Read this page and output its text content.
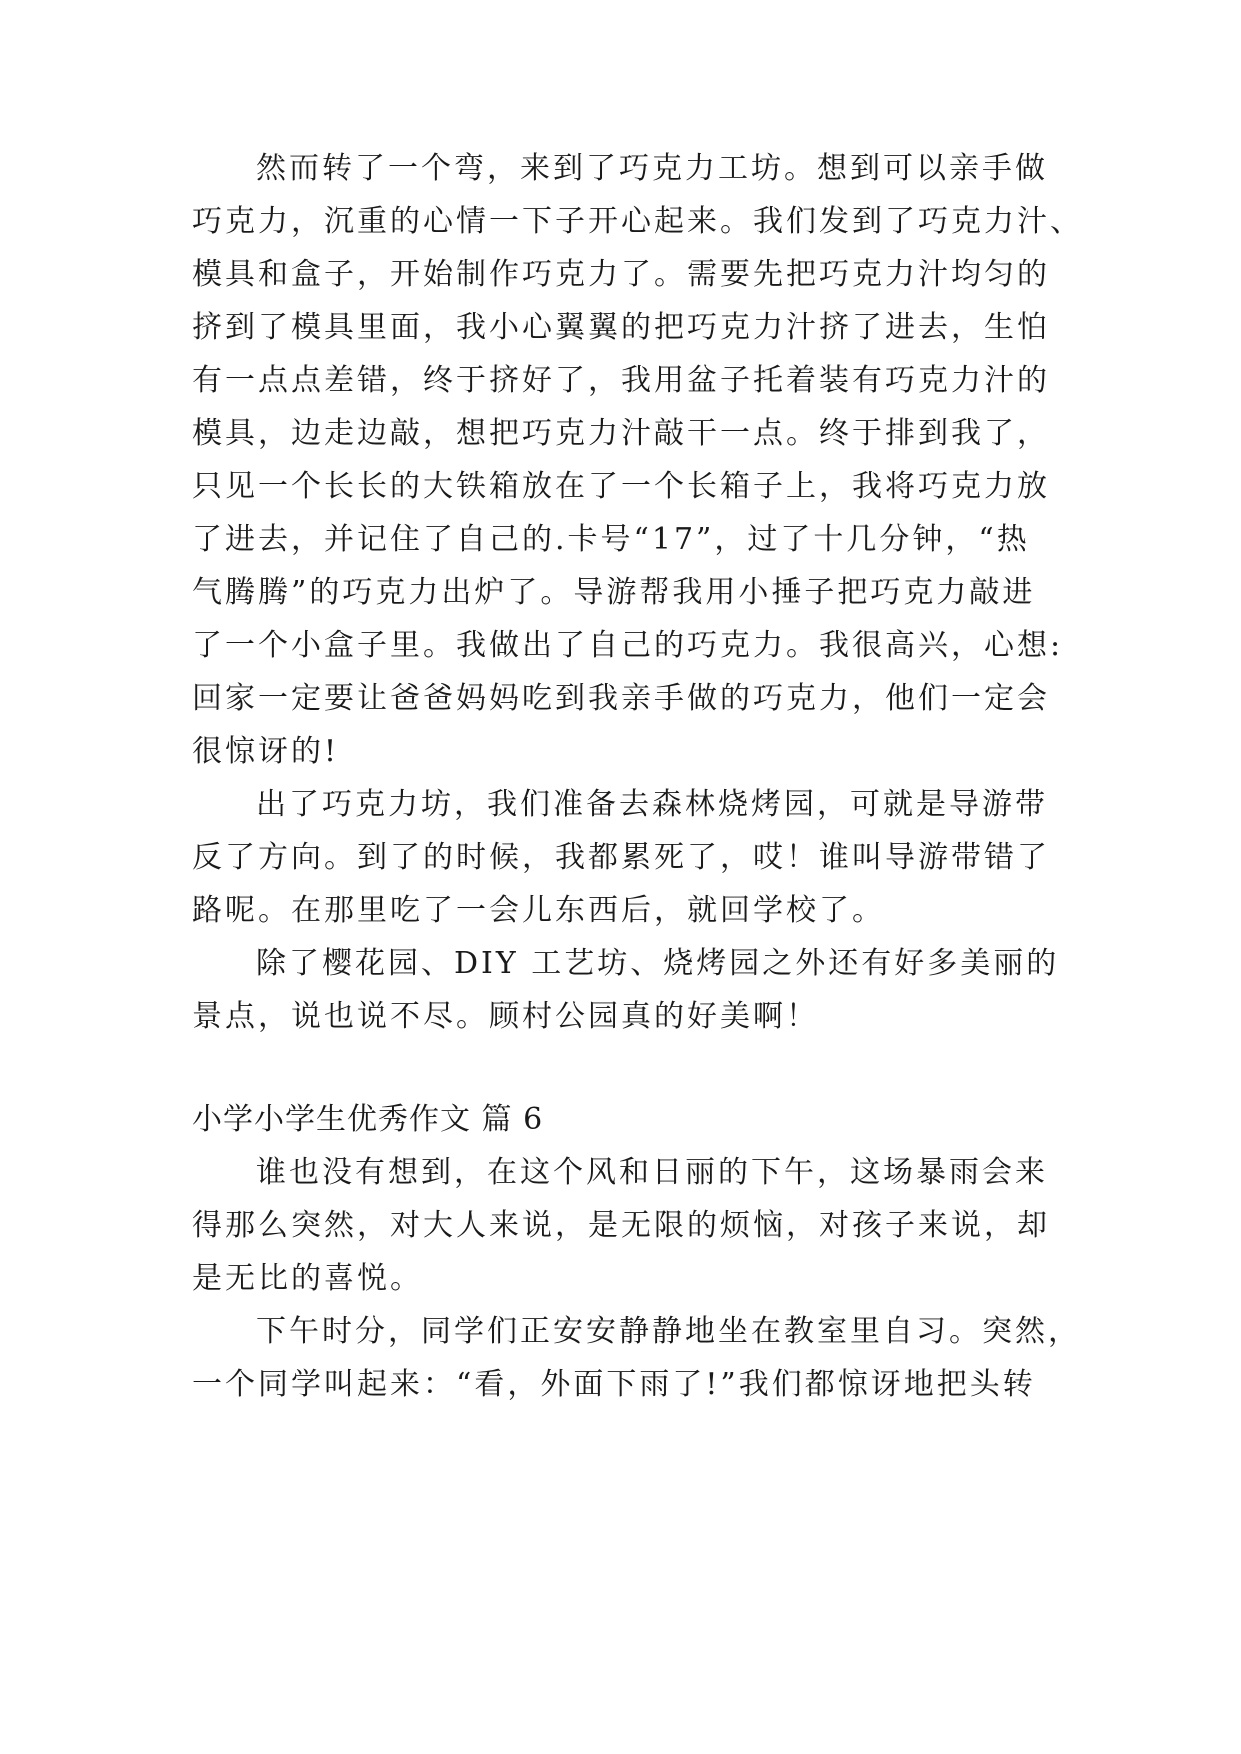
然而转了一个弯，来到了巧克力工坊。想到可以亲手做
巧克力，沉重的心情一下子开心起来。我们发到了巧克力汁、
模具和盒子，开始制作巧克力了。需要先把巧克力汁均匀的
挤到了模具里面，我小心翼翼的把巧克力汁挤了进去，生怕
有一点点差错，终于挤好了，我用盆子托着装有巧克力汁的
模具，边走边敲，想把巧克力汁敲干一点。终于排到我了，
只见一个长长的大铁箱放在了一个长箱子上，我将巧克力放
了进去，并记住了自己的.卡号“17”，过了十几分钟，“热
气腾腾”的巧克力出炉了。导游帮我用小捶子把巧克力敲进
了一个小盒子里。我做出了自己的巧克力。我很高兴，心想:
回家一定要让爸爸妈妈吃到我亲手做的巧克力，他们一定会
很惊讶的!
出了巧克力坊，我们准备去森林烧烤园，可就是导游带
反了方向。到了的时候，我都累死了，哎！谁叫导游带错了
路呢。在那里吃了一会儿东西后，就回学校了。
除了樱花园、DIY 工艺坊、烧烤园之外还有好多美丽的
景点，说也说不尽。顾村公园真的好美啊！
小学小学生优秀作文 篇 6
谁也没有想到，在这个风和日丽的下午，这场暴雨会来
得那么突然，对大人来说，是无限的烦恼，对孩子来说，却
是无比的喜悦。
下午时分，同学们正安安静静地坐在教室里自习。突然，
一个同学叫起来：“看，外面下雨了!”我们都惊讶地把头转
